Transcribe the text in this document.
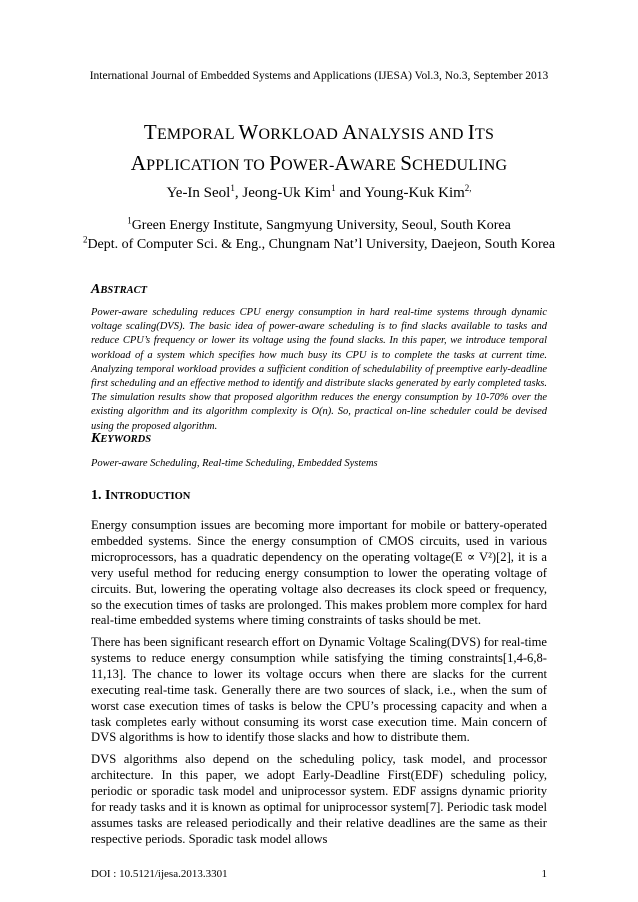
International Journal of Embedded Systems and Applications (IJESA) Vol.3, No.3, September 2013
TEMPORAL WORKLOAD ANALYSIS AND ITS
APPLICATION TO POWER-AWARE SCHEDULING
Ye-In Seol$^1$, Jeong-Uk Kim$^1$ and Young-Kuk Kim$^{2,}$
$^1$Green Energy Institute, Sangmyung University, Seoul, South Korea
$^2$Dept. of Computer Sci. & Eng., Chungnam Nat’l University, Daejeon, South Korea
ABSTRACT
Power-aware scheduling reduces CPU energy consumption in hard real-time systems through dynamic voltage scaling(DVS). The basic idea of power-aware scheduling is to find slacks available to tasks and reduce CPU’s frequency or lower its voltage using the found slacks. In this paper, we introduce temporal workload of a system which specifies how much busy its CPU is to complete the tasks at current time. Analyzing temporal workload provides a sufficient condition of schedulability of preemptive early-deadline first scheduling and an effective method to identify and distribute slacks generated by early completed tasks. The simulation results show that proposed algorithm reduces the energy consumption by 10-70% over the existing algorithm and its algorithm complexity is O(n). So, practical on-line scheduler could be devised using the proposed algorithm.
KEYWORDS
Power-aware Scheduling, Real-time Scheduling, Embedded Systems
1. INTRODUCTION
Energy consumption issues are becoming more important for mobile or battery-operated embedded systems. Since the energy consumption of CMOS circuits, used in various microprocessors, has a quadratic dependency on the operating voltage(E ∝ V²)[2], it is a very useful method for reducing energy consumption to lower the operating voltage of circuits. But, lowering the operating voltage also decreases its clock speed or frequency, so the execution times of tasks are prolonged. This makes problem more complex for hard real-time embedded systems where timing constraints of tasks should be met.
There has been significant research effort on Dynamic Voltage Scaling(DVS) for real-time systems to reduce energy consumption while satisfying the timing constraints[1,4-6,8-11,13]. The chance to lower its voltage occurs when there are slacks for the current executing real-time task. Generally there are two sources of slack, i.e., when the sum of worst case execution times of tasks is below the CPU’s processing capacity and when a task completes early without consuming its worst case execution time. Main concern of DVS algorithms is how to identify those slacks and how to distribute them.
DVS algorithms also depend on the scheduling policy, task model, and processor architecture. In this paper, we adopt Early-Deadline First(EDF) scheduling policy, periodic or sporadic task model and uniprocessor system. EDF assigns dynamic priority for ready tasks and it is known as optimal for uniprocessor system[7]. Periodic task model assumes tasks are released periodically and their relative deadlines are the same as their respective periods. Sporadic task model allows
DOI : 10.5121/ijesa.2013.3301	1
